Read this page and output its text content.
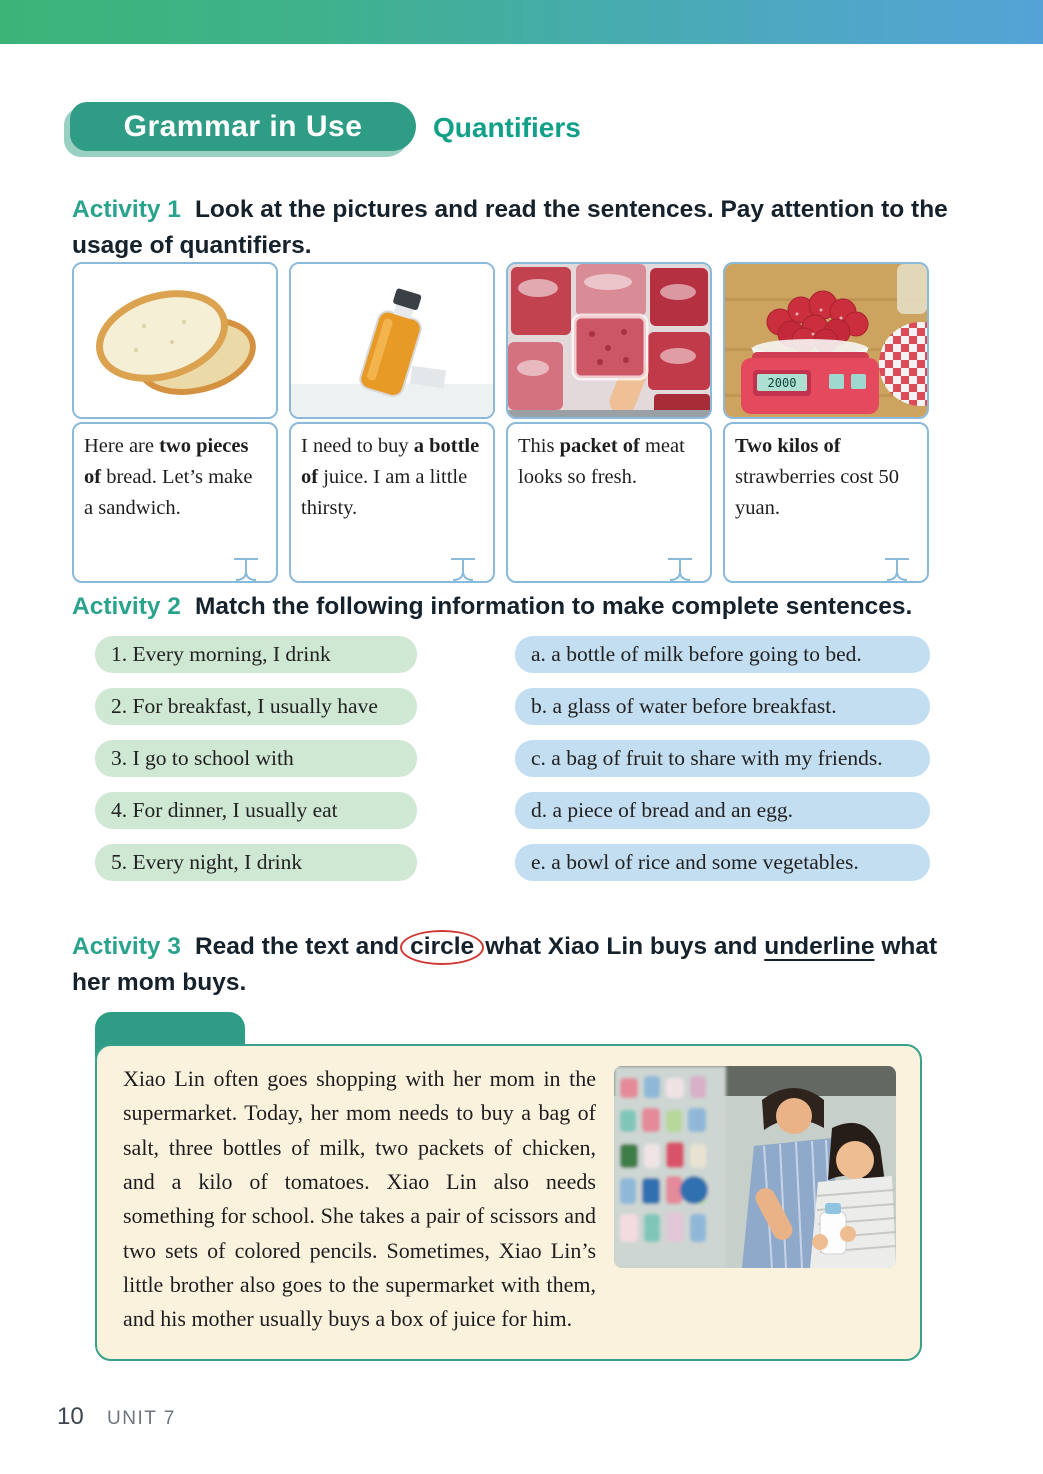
Grammar in Use	Quantifiers
Activity 1 Look at the pictures and read the sentences. Pay attention to the usage of quantifiers.
Here are two pieces of bread. Let’s make a sandwich.
I need to buy a bottle of juice. I am a little thirsty.
This packet of meat looks so fresh.
2000
Two kilos of strawberries cost 50 yuan.
Activity 2 Match the following information to make complete sentences.
1. Every morning, I drink	a. a bottle of milk before going to bed.
2. For breakfast, I usually have	b. a glass of water before breakfast.
3. I go to school with	c. a bag of fruit to share with my friends.
4. For dinner, I usually eat	d. a piece of bread and an egg.
5. Every night, I drink	e. a bowl of rice and some vegetables.
Activity 3 Read the text and circle what Xiao Lin buys and underline what her mom buys.

Xiao Lin often goes shopping with her mom in the supermarket. Today, her mom needs to buy a bag of salt, three bottles of milk, two packets of chicken, and a kilo of tomatoes. Xiao Lin also needs something for school. She takes a pair of scissors and two sets of colored pencils. Sometimes, Xiao Lin’s little brother also goes to the supermarket with them, and his mother usually buys a box of juice for him.

10 UNIT 7
